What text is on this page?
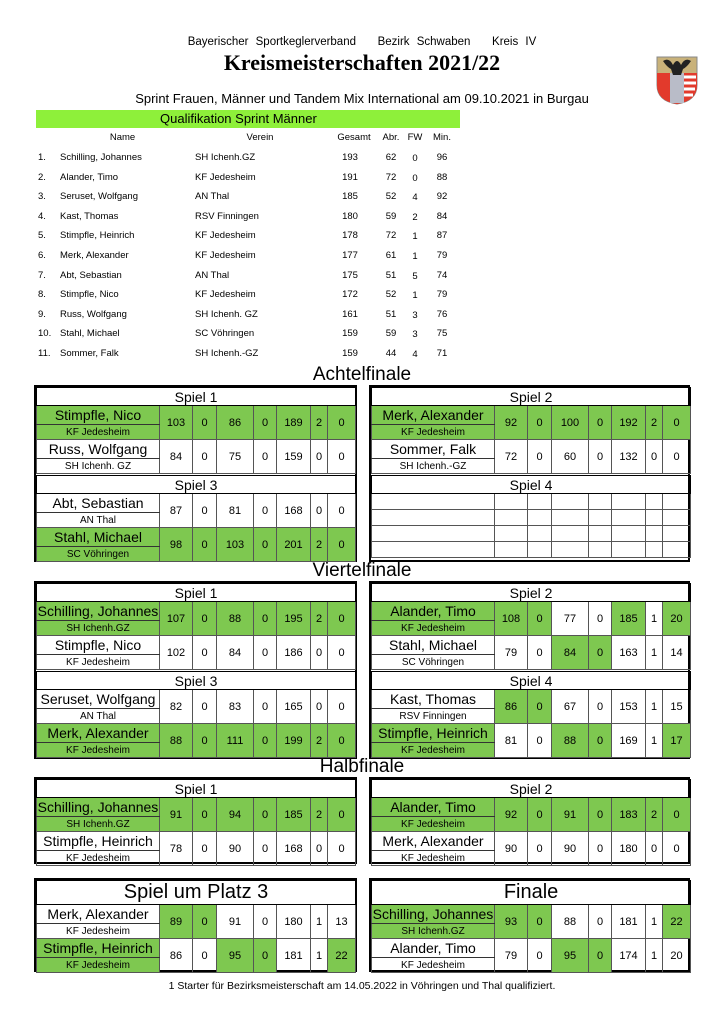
Bayerischer Sportkeglerverband   Bezirk Schwaben   Kreis IV
Kreismeisterschaften 2021/22
Sprint Frauen, Männer und Tandem Mix International am 09.10.2021 in Burgau
Qualifikation Sprint Männer
Name	Verein	Gesamt	Abr. FW	Min.
1.	Schilling, Johannes	SH Ichenh.GZ	193	62	0	96
2.	Alander, Timo	KF Jedesheim	191	72	0	88
3.	Seruset, Wolfgang	AN Thal	185	52	4	92
4.	Kast, Thomas	RSV Finningen	180	59	2	84
5.	Stimpfle, Heinrich	KF Jedesheim	178	72	1	87
6.	Merk, Alexander	KF Jedesheim	177	61	1	79
7.	Abt, Sebastian	AN Thal	175	51	5	74
8.	Stimpfle, Nico	KF Jedesheim	172	52	1	79
9.	Russ, Wolfgang	SH Ichenh. GZ	161	51	3	76
10. Stahl, Michael	SC Vöhringen	159	59	3	75
11. Sommer, Falk	SH Ichenh.-GZ	159	44	4	71
Achtelfinale
Spiel 1							
Stimpfle, Nico	103	0	86	0	189	2	0
KF Jedesheim							
Russ, Wolfgang	84	0	75	0	159	0	0
SH Ichenh. GZ							
Spiel 2							
Merk, Alexander	92	0	100	0	192	2	0
KF Jedesheim							
Sommer, Falk	72	0	60	0	132	0	0
SH Ichenh.-GZ							
Spiel 3							
Abt, Sebastian	87	0	81	0	168	0	0
AN Thal							
Stahl, Michael	98	0	103	0	201	2	0
SC Vöhringen							
Spiel 4							

Viertelfinale
Spiel 1							
Schilling, Johannes	107	0	88	0	195	2	0
SH Ichenh.GZ							
Stimpfle, Nico	102	0	84	0	186	0	0
KF Jedesheim							
Spiel 2							
Alander, Timo	108	0	77	0	185	1	20
KF Jedesheim							
Stahl, Michael	79	0	84	0	163	1	14
SC Vöhringen							
Spiel 3							
Seruset, Wolfgang	82	0	83	0	165	0	0
AN Thal							
Merk, Alexander	88	0	111	0	199	2	0
KF Jedesheim							
Spiel 4							
Kast, Thomas	86	0	67	0	153	1	15
RSV Finningen							
Stimpfle, Heinrich	81	0	88	0	169	1	17
KF Jedesheim							
Halbfinale
Spiel 1							
Schilling, Johannes	91	0	94	0	185	2	0
SH Ichenh.GZ							
Stimpfle, Heinrich	78	0	90	0	168	0	0
KF Jedesheim							
Spiel 2							
Alander, Timo	92	0	91	0	183	2	0
KF Jedesheim							
Merk, Alexander	90	0	90	0	180	0	0
KF Jedesheim							
Spiel um Platz 3							
Merk, Alexander	89	0	91	0	180	1	13
KF Jedesheim							
Stimpfle, Heinrich	86	0	95	0	181	1	22
KF Jedesheim							
Finale							
Schilling, Johannes	93	0	88	0	181	1	22
SH Ichenh.GZ							
Alander, Timo	79	0	95	0	174	1	20
KF Jedesheim							
1 Starter für Bezirksmeisterschaft am 14.05.2022 in Vöhringen und Thal qualifiziert.
